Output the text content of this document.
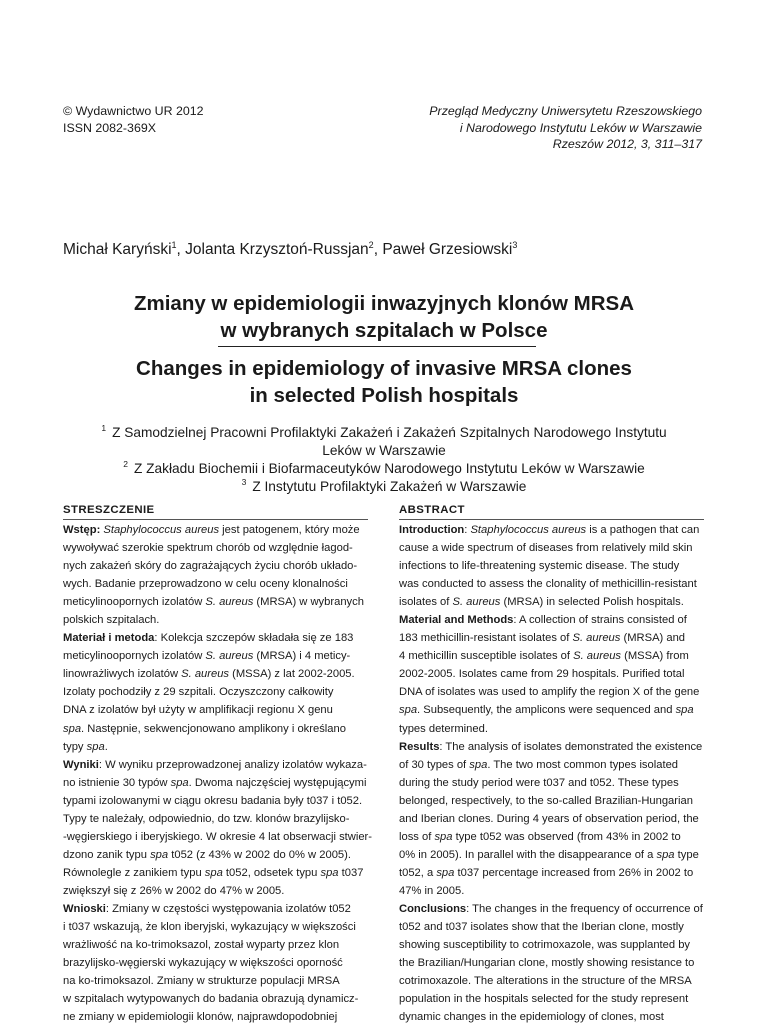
© Wydawnictwo UR 2012
ISSN 2082-369X
Przegląd Medyczny Uniwersytetu Rzeszowskiego
i Narodowego Instytutu Leków w Warszawie
Rzeszów 2012, 3, 311–317
Michał Karyński$^1$, Jolanta Krzysztoń-Russjan$^2$, Paweł Grzesiowski$^3$
Zmiany w epidemiologii inwazyjnych klonów MRSA
w wybranych szpitalach w Polsce
Changes in epidemiology of invasive MRSA clones
in selected Polish hospitals
$^1$ Z Samodzielnej Pracowni Profilaktyki Zakażeń i Zakażeń Szpitalnych Narodowego Instytutu
Leków w Warszawie
$^2$ Z Zakładu Biochemii i Biofarmaceutyków Narodowego Instytutu Leków w Warszawie
$^3$ Z Instytutu Profilaktyki Zakażeń w Warszawie
STRESZCZENIE

Wstęp: Staphylococcus aureus jest patogenem, który może

wywoływać szerokie spektrum chorób od względnie łagod-

nych zakażeń skóry do zagrażających życiu chorób układo-

wych. Badanie przeprowadzono w celu oceny klonalności

meticylinoopornych izolatów S. aureus (MRSA) w wybranych

polskich szpitalach.

Materiał i metoda: Kolekcja szczepów składała się ze 183

meticylinoopornych izolatów S. aureus (MRSA) i 4 meticy-

linowrażliwych izolatów S. aureus (MSSA) z lat 2002-2005.

Izolaty pochodziły z 29 szpitali. Oczyszczony całkowity

DNA z izolatów był użyty w amplifikacji regionu X genu

spa. Następnie, sekwencjonowano amplikony i określano

typy spa.

Wyniki: W wyniku przeprowadzonej analizy izolatów wykaza-

no istnienie 30 typów spa. Dwoma najczęściej występującymi

typami izolowanymi w ciągu okresu badania były t037 i t052.

Typy te należały, odpowiednio, do tzw. klonów brazylijsko-

-węgierskiego i iberyjskiego. W okresie 4 lat obserwacji stwier-

dzono zanik typu spa t052 (z 43% w 2002 do 0% w 2005).

Równolegle z zanikiem typu spa t052, odsetek typu spa t037

zwiększył się z 26% w 2002 do 47% w 2005.

Wnioski: Zmiany w częstości występowania izolatów t052

i t037 wskazują, że klon iberyjski, wykazujący w większości

wrażliwość na ko-trimoksazol, został wyparty przez klon

brazylijsko-węgierski wykazujący w większości oporność

na ko-trimoksazol. Zmiany w strukturze populacji MRSA

w szpitalach wytypowanych do badania obrazują dynamicz-

ne zmiany w epidemiologii klonów, najprawdopodobniej

ABSTRACT

Introduction: Staphylococcus aureus is a pathogen that can

cause a wide spectrum of diseases from relatively mild skin

infections to life-threatening systemic disease. The study

was conducted to assess the clonality of methicillin-resistant

isolates of S. aureus (MRSA) in selected Polish hospitals.

Material and Methods: A collection of strains consisted of

183 methicillin-resistant isolates of S. aureus (MRSA) and

4 methicillin susceptible isolates of S. aureus (MSSA) from

2002-2005. Isolates came from 29 hospitals. Purified total

DNA of isolates was used to amplify the region X of the gene

spa. Subsequently, the amplicons were sequenced and spa

types determined.

Results: The analysis of isolates demonstrated the existence

of 30 types of spa. The two most common types isolated

during the study period were t037 and t052. These types

belonged, respectively, to the so-called Brazilian-Hungarian

and Iberian clones. During 4 years of observation period, the

loss of spa type t052 was observed (from 43% in 2002 to

0% in 2005). In parallel with the disappearance of a spa type

t052, a spa t037 percentage increased from 26% in 2002 to

47% in 2005.

Conclusions: The changes in the frequency of occurrence of

t052 and t037 isolates show that the Iberian clone, mostly

showing susceptibility to cotrimoxazole, was supplanted by

the Brazilian/Hungarian clone, mostly showing resistance to

cotrimoxazole. The alterations in the structure of the MRSA

population in the hospitals selected for the study represent

dynamic changes in the epidemiology of clones, most
